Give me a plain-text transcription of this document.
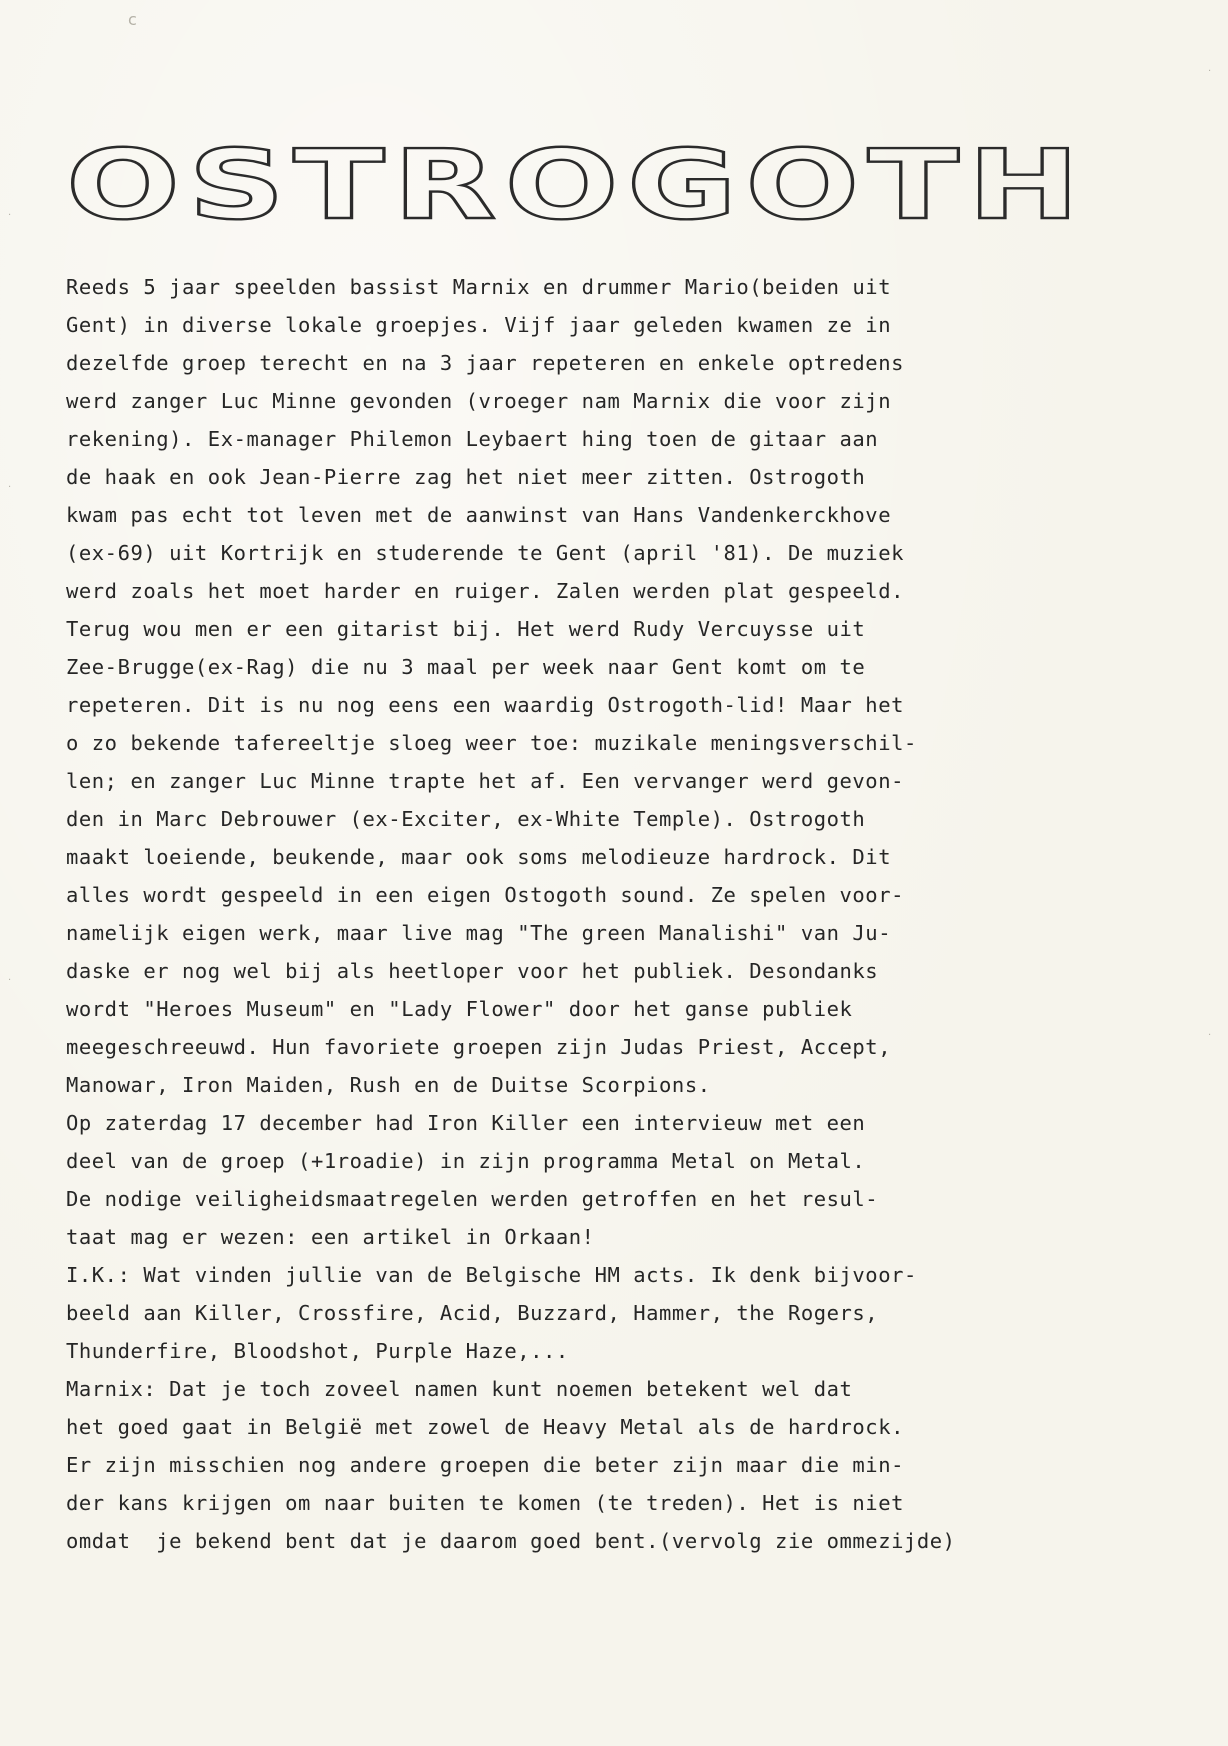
c
·
·
·
·
·
OSTROGOTH
Reeds 5 jaar speelden bassist Marnix en drummer Mario(beiden uit
Gent) in diverse lokale groepjes. Vijf jaar geleden kwamen ze in
dezelfde groep terecht en na 3 jaar repeteren en enkele optredens
werd zanger Luc Minne gevonden (vroeger nam Marnix die voor zijn
rekening). Ex-manager Philemon Leybaert hing toen de gitaar aan
de haak en ook Jean-Pierre zag het niet meer zitten. Ostrogoth
kwam pas echt tot leven met de aanwinst van Hans Vandenkerckhove
(ex-69) uit Kortrijk en studerende te Gent (april '81). De muziek
werd zoals het moet harder en ruiger. Zalen werden plat gespeeld.
Terug wou men er een gitarist bij. Het werd Rudy Vercuysse uit
Zee-Brugge(ex-Rag) die nu 3 maal per week naar Gent komt om te
repeteren. Dit is nu nog eens een waardig Ostrogoth-lid! Maar het
o zo bekende tafereeltje sloeg weer toe: muzikale meningsverschil-
len; en zanger Luc Minne trapte het af. Een vervanger werd gevon-
den in Marc Debrouwer (ex-Exciter, ex-White Temple). Ostrogoth
maakt loeiende, beukende, maar ook soms melodieuze hardrock. Dit
alles wordt gespeeld in een eigen Ostogoth sound. Ze spelen voor-
namelijk eigen werk, maar live mag "The green Manalishi" van Ju-
daske er nog wel bij als heetloper voor het publiek. Desondanks
wordt "Heroes Museum" en "Lady Flower" door het ganse publiek
meegeschreeuwd. Hun favoriete groepen zijn Judas Priest, Accept,
Manowar, Iron Maiden, Rush en de Duitse Scorpions.
Op zaterdag 17 december had Iron Killer een intervieuw met een
deel van de groep (+1roadie) in zijn programma Metal on Metal.
De nodige veiligheidsmaatregelen werden getroffen en het resul-
taat mag er wezen: een artikel in Orkaan!
I.K.: Wat vinden jullie van de Belgische HM acts. Ik denk bijvoor-
beeld aan Killer, Crossfire, Acid, Buzzard, Hammer, the Rogers,
Thunderfire, Bloodshot, Purple Haze,...
Marnix: Dat je toch zoveel namen kunt noemen betekent wel dat
het goed gaat in België met zowel de Heavy Metal als de hardrock.
Er zijn misschien nog andere groepen die beter zijn maar die min-
der kans krijgen om naar buiten te komen (te treden). Het is niet
omdat  je bekend bent dat je daarom goed bent.(vervolg zie ommezijde)
